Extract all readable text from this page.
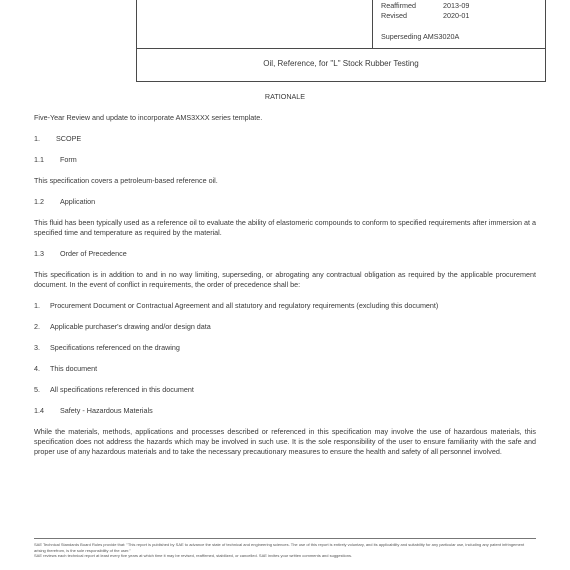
Reaffirmed	2013-09
Revised	2020-01
Superseding AMS3020A
Oil, Reference, for "L" Stock Rubber Testing

RATIONALE

Five-Year Review and update to incorporate AMS3XXX series template.

1.	SCOPE
1.1	Form

This specification covers a petroleum-based reference oil.

1.2	Application

This fluid has been typically used as a reference oil to evaluate the ability of elastomeric compounds to conform to specified requirements after immersion at a specified time and temperature as required by the material.

1.3	Order of Precedence

This specification is in addition to and in no way limiting, superseding, or abrogating any contractual obligation as required by the applicable procurement document. In the event of conflict in requirements, the order of precedence shall be:

1.	Procurement Document or Contractual Agreement and all statutory and regulatory requirements (excluding this document)
2.	Applicable purchaser's drawing and/or design data
3.	Specifications referenced on the drawing
4.	This document
5.	All specifications referenced in this document
1.4	Safety - Hazardous Materials

While the materials, methods, applications and processes described or referenced in this specification may involve the use of hazardous materials, this specification does not address the hazards which may be involved in such use. It is the sole responsibility of the user to ensure familiarity with the safe and proper use of any hazardous materials and to take the necessary precautionary measures to ensure the health and safety of all personnel involved.

SAE Technical Standards Board Rules provide that: "This report is published by SAE to advance the state of technical and engineering sciences. The use of this report is entirely voluntary, and its applicability and suitability for any particular use, including any patent infringement arising therefrom, is the sole responsibility of the user."
SAE reviews each technical report at least every five years at which time it may be revised, reaffirmed, stabilized, or cancelled. SAE invites your written comments and suggestions.
